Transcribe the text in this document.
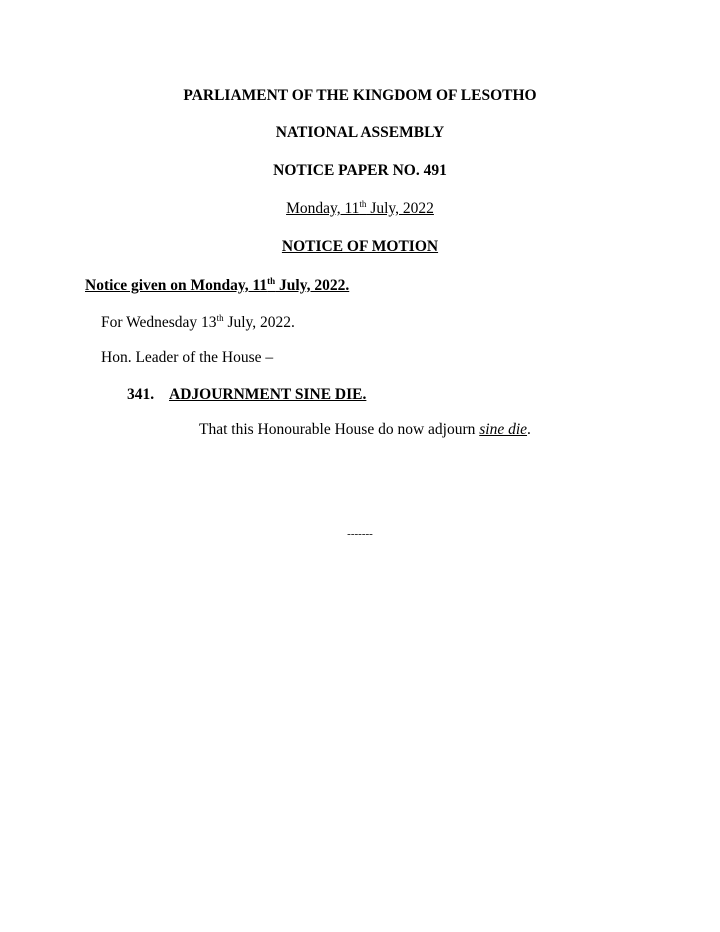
PARLIAMENT OF THE KINGDOM OF LESOTHO
NATIONAL ASSEMBLY
NOTICE PAPER NO. 491
Monday, 11th July, 2022
NOTICE OF MOTION
Notice given on Monday, 11th July, 2022.
For Wednesday 13th July, 2022.
Hon. Leader of the House –
341. ADJOURNMENT SINE DIE.
That this Honourable House do now adjourn sine die.
-------
